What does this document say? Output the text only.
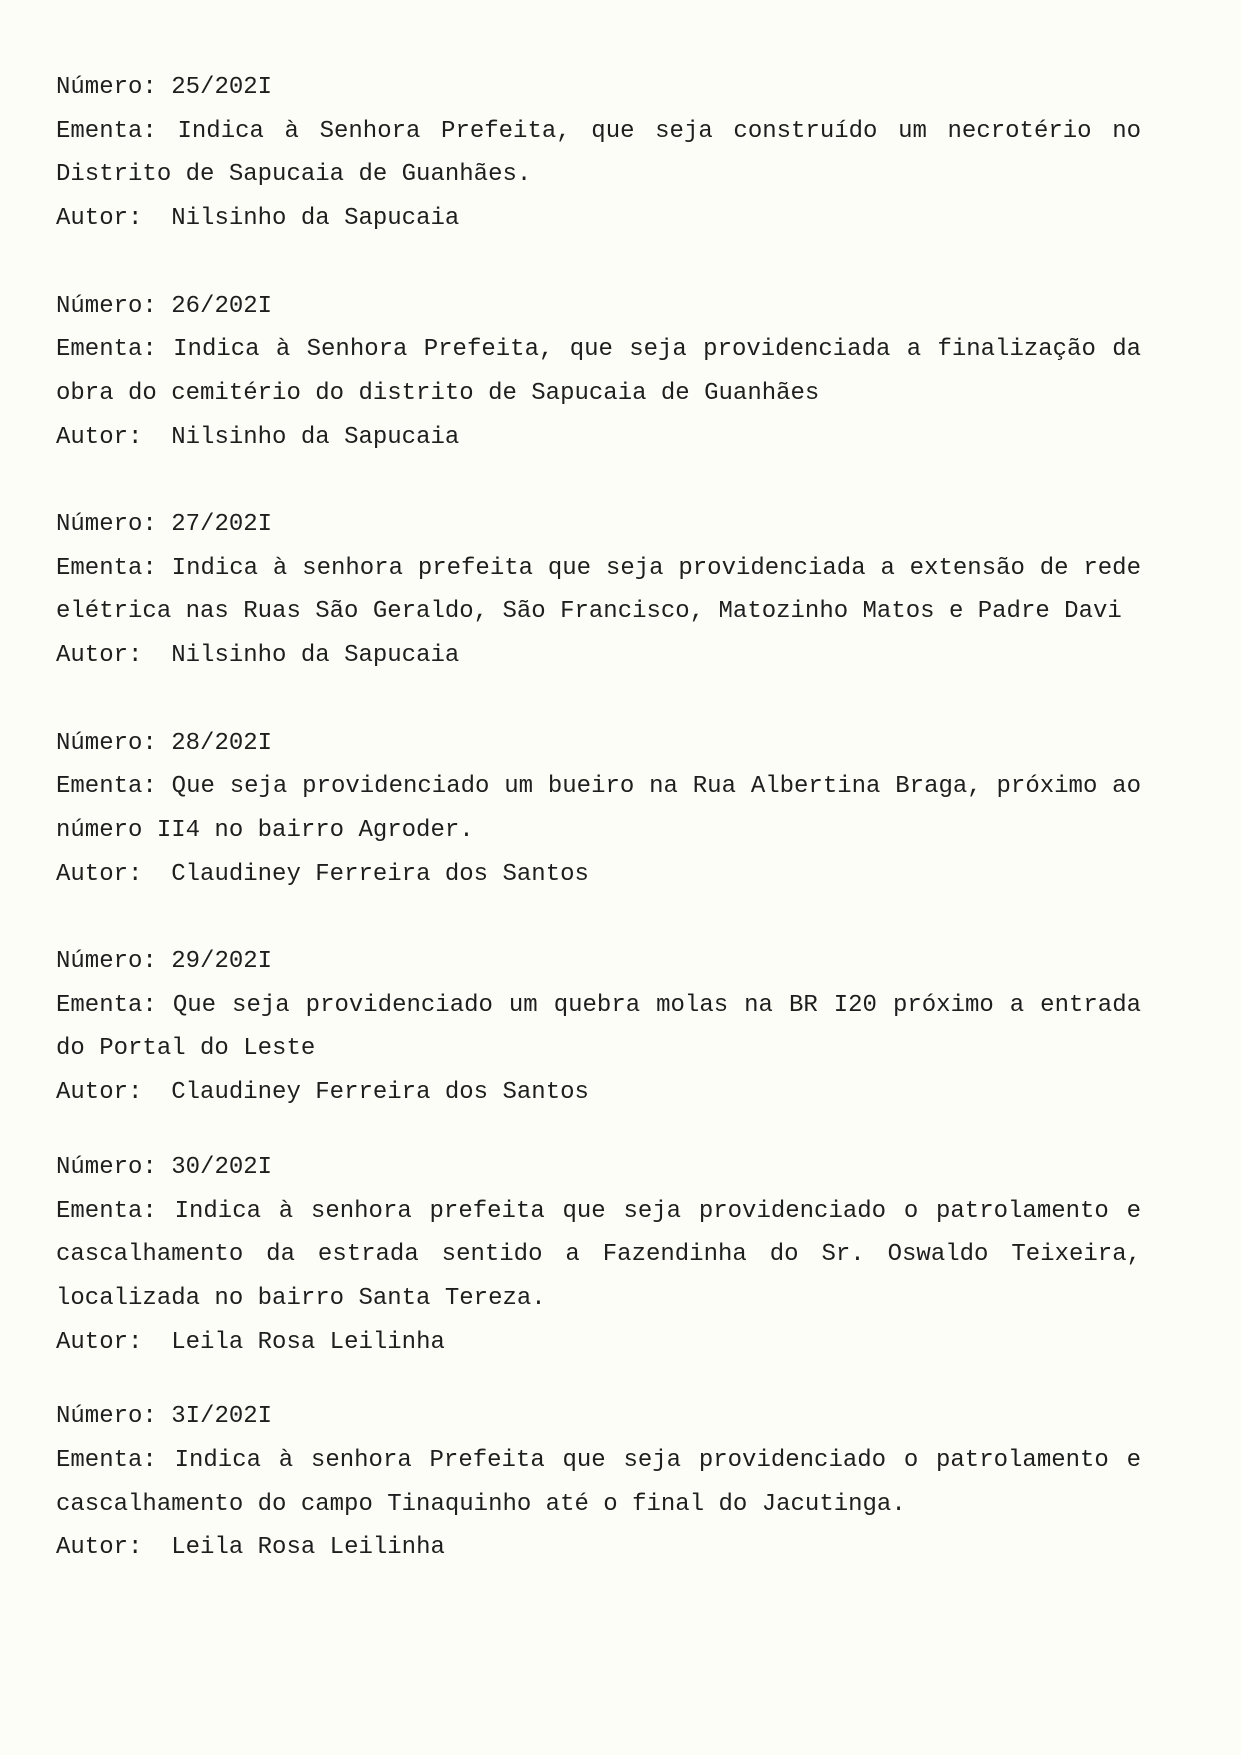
Número: 25/202I
Ementa: Indica à Senhora Prefeita, que seja construído um necrotério no Distrito de Sapucaia de Guanhães.
Autor: Nilsinho da Sapucaia
Número: 26/202I
Ementa: Indica à Senhora Prefeita, que seja providenciada a finalização da obra do cemitério do distrito de Sapucaia de Guanhães
Autor: Nilsinho da Sapucaia
Número: 27/202I
Ementa: Indica à senhora prefeita que seja providenciada a extensão de rede elétrica nas Ruas São Geraldo, São Francisco, Matozinho Matos e Padre Davi
Autor: Nilsinho da Sapucaia
Número: 28/202I
Ementa: Que seja providenciado um bueiro na Rua Albertina Braga, próximo ao número II4 no bairro Agroder.
Autor: Claudiney Ferreira dos Santos
Número: 29/202I
Ementa: Que seja providenciado um quebra molas na BR I20 próximo a entrada do Portal do Leste
Autor: Claudiney Ferreira dos Santos
Número: 30/202I
Ementa: Indica à senhora prefeita que seja providenciado o patrolamento e cascalhamento da estrada sentido a Fazendinha do Sr. Oswaldo Teixeira, localizada no bairro Santa Tereza.
Autor: Leila Rosa Leilinha
Número: 3I/202I
Ementa: Indica à senhora Prefeita que seja providenciado o patrolamento e cascalhamento do campo Tinaquinho até o final do Jacutinga.
Autor: Leila Rosa Leilinha
